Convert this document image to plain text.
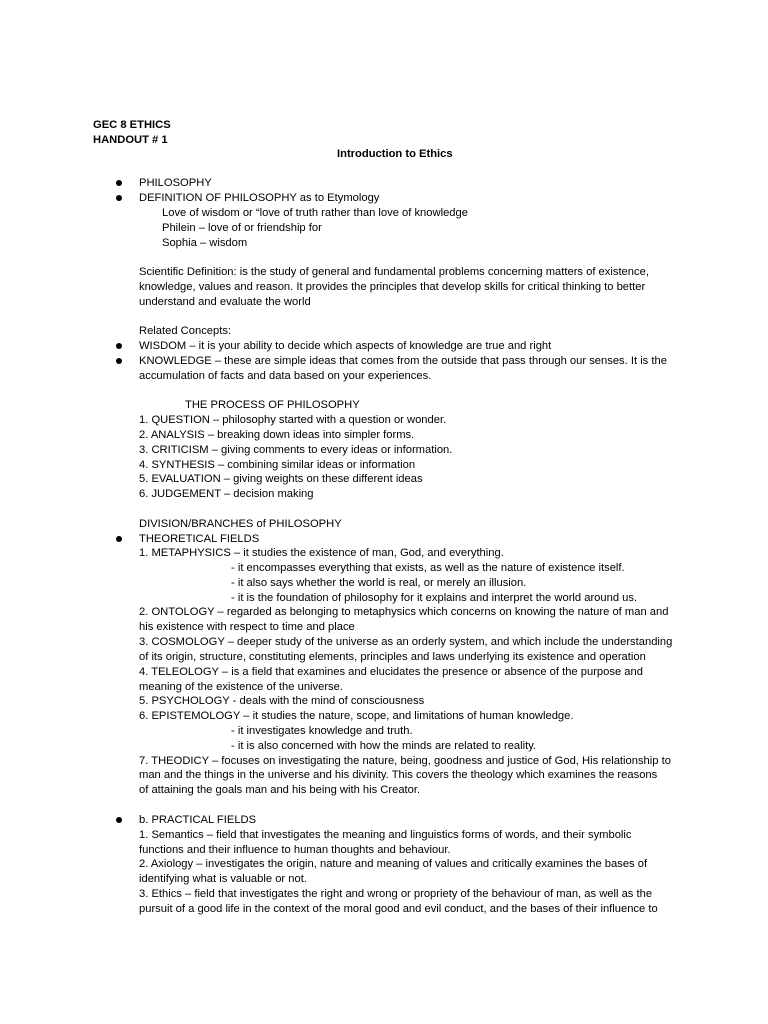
GEC 8 ETHICS

HANDOUT # 1

Introduction to Ethics

PHILOSOPHY

DEFINITION OF PHILOSOPHY as to Etymology

Love of wisdom or “love of truth rather than love of knowledge

Philein – love of or friendship for

Sophia – wisdom

Scientific Definition: is the study of general and fundamental problems concerning matters of existence,

knowledge, values and reason. It provides the principles that develop skills for critical thinking to better

understand and evaluate the world

Related Concepts:

WISDOM – it is your ability to decide which aspects of knowledge are true and right

KNOWLEDGE – these are simple ideas that comes from the outside that pass through our senses. It is the

accumulation of facts and data based on your experiences.

THE PROCESS OF PHILOSOPHY

1. QUESTION – philosophy started with a question or wonder.

2. ANALYSIS – breaking down ideas into simpler forms.

3. CRITICISM – giving comments to every ideas or information.

4. SYNTHESIS – combining similar ideas or information

5. EVALUATION – giving weights on these different ideas

6. JUDGEMENT – decision making

DIVISION/BRANCHES of PHILOSOPHY

THEORETICAL FIELDS

1. METAPHYSICS – it studies the existence of man, God, and everything.

- it encompasses everything that exists, as well as the nature of existence itself.

- it also says whether the world is real, or merely an illusion.

- it is the foundation of philosophy for it explains and interpret the world around us.

2. ONTOLOGY – regarded as belonging to metaphysics which concerns on knowing the nature of man and

his existence with respect to time and place

3. COSMOLOGY – deeper study of the universe as an orderly system, and which include the understanding

of its origin, structure, constituting elements, principles and laws underlying its existence and operation

4. TELEOLOGY – is a field that examines and elucidates the presence or absence of the purpose and

meaning of the existence of the universe.

5. PSYCHOLOGY - deals with the mind of consciousness

6. EPISTEMOLOGY – it studies the nature, scope, and limitations of human knowledge.

- it investigates knowledge and truth.

- it is also concerned with how the minds are related to reality.

7. THEODICY – focuses on investigating the nature, being, goodness and justice of God, His relationship to

man and the things in the universe and his divinity. This covers the theology which examines the reasons

of attaining the goals man and his being with his Creator.

b. PRACTICAL FIELDS

1. Semantics – field that investigates the meaning and linguistics forms of words, and their symbolic

functions and their influence to human thoughts and behaviour.

2. Axiology – investigates the origin, nature and meaning of values and critically examines the bases of

identifying what is valuable or not.

3. Ethics – field that investigates the right and wrong or propriety of the behaviour of man, as well as the

pursuit of a good life in the context of the moral good and evil conduct, and the bases of their influence to
